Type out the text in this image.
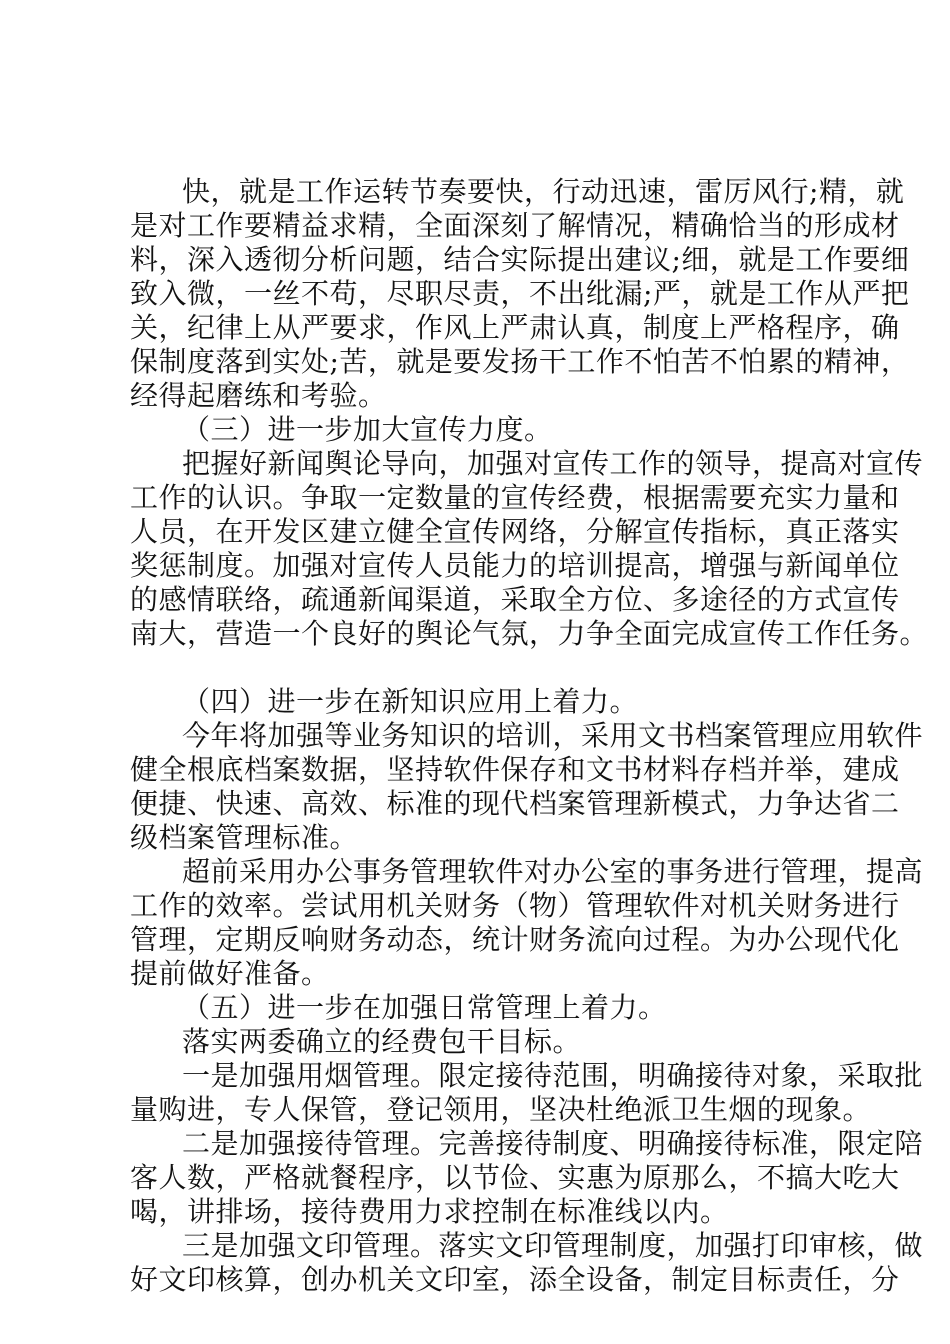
快，就是工作运转节奏要快，行动迅速，雷厉风行;精，就
是对工作要精益求精，全面深刻了解情况，精确恰当的形成材
料，深入透彻分析问题，结合实际提出建议;细，就是工作要细
致入微，一丝不苟，尽职尽责，不出纰漏;严，就是工作从严把
关，纪律上从严要求，作风上严肃认真，制度上严格程序，确
保制度落到实处;苦，就是要发扬干工作不怕苦不怕累的精神，
经得起磨练和考验。
（三）进一步加大宣传力度。
把握好新闻舆论导向，加强对宣传工作的领导，提高对宣传
工作的认识。争取一定数量的宣传经费，根据需要充实力量和
人员，在开发区建立健全宣传网络，分解宣传指标，真正落实
奖惩制度。加强对宣传人员能力的培训提高，增强与新闻单位
的感情联络，疏通新闻渠道，采取全方位、多途径的方式宣传
南大，营造一个良好的舆论气氛，力争全面完成宣传工作任务。
（四）进一步在新知识应用上着力。
今年将加强等业务知识的培训，采用文书档案管理应用软件
健全根底档案数据，坚持软件保存和文书材料存档并举，建成
便捷、快速、高效、标准的现代档案管理新模式，力争达省二
级档案管理标准。
超前采用办公事务管理软件对办公室的事务进行管理，提高
工作的效率。尝试用机关财务（物）管理软件对机关财务进行
管理，定期反响财务动态，统计财务流向过程。为办公现代化
提前做好准备。
（五）进一步在加强日常管理上着力。
落实两委确立的经费包干目标。
一是加强用烟管理。限定接待范围，明确接待对象，采取批
量购进，专人保管，登记领用，坚决杜绝派卫生烟的现象。
二是加强接待管理。完善接待制度、明确接待标准，限定陪
客人数，严格就餐程序，以节俭、实惠为原那么，不搞大吃大
喝，讲排场，接待费用力求控制在标准线以内。
三是加强文印管理。落实文印管理制度，加强打印审核，做
好文印核算，创办机关文印室，添全设备，制定目标责任，分
